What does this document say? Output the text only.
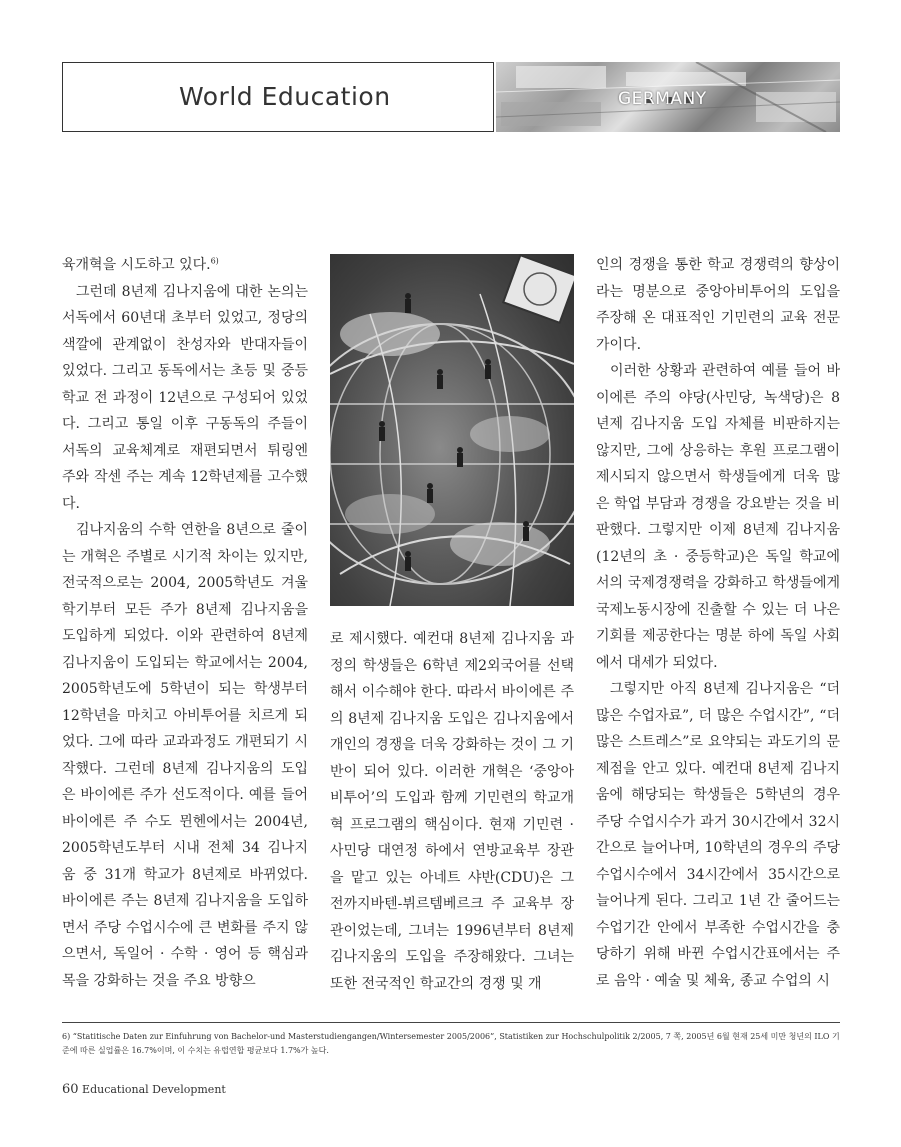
World Education	GERMANY

육개혁을 시도하고 있다.$^{6)}$

그런데 8년제 김나지움에 대한 논의는 서독에서 60년대 초부터 있었고, 정당의 색깔에 관계없이 찬성자와 반대자들이 있었다. 그리고 동독에서는 초등 및 중등학교 전 과정이 12년으로 구성되어 있었다. 그리고 통일 이후 구동독의 주들이 서독의 교육체계로 재편되면서 튀링엔 주와 작센 주는 계속 12학년제를 고수했다.

김나지움의 수학 연한을 8년으로 줄이는 개혁은 주별로 시기적 차이는 있지만, 전국적으로는 2004, 2005학년도 겨울학기부터 모든 주가 8년제 김나지움을 도입하게 되었다. 이와 관련하여 8년제 김나지움이 도입되는 학교에서는 2004, 2005학년도에 5학년이 되는 학생부터 12학년을 마치고 아비투어를 치르게 되었다. 그에 따라 교과과정도 개편되기 시작했다. 그런데 8년제 김나지움의 도입은 바이에른 주가 선도적이다. 예를 들어 바이에른 주 수도 뮌헨에서는 2004년, 2005학년도부터 시내 전체 34 김나지움 중 31개 학교가 8년제로 바뀌었다. 바이에른 주는 8년제 김나지움을 도입하면서 주당 수업시수에 큰 변화를 주지 않으면서, 독일어 · 수학 · 영어 등 핵심과목을 강화하는 것을 주요 방향으

로 제시했다. 예컨대 8년제 김나지움 과정의 학생들은 6학년 제2외국어를 선택해서 이수해야 한다. 따라서 바이에른 주의 8년제 김나지움 도입은 김나지움에서 개인의 경쟁을 더욱 강화하는 것이 그 기반이 되어 있다. 이러한 개혁은 ‘중앙아비투어’의 도입과 함께 기민련의 학교개혁 프로그램의 핵심이다. 현재 기민련 · 사민당 대연정 하에서 연방교육부 장관을 맡고 있는 아네트 샤반(CDU)은 그 전까지바텐-뷔르템베르크 주 교육부 장관이었는데, 그녀는 1996년부터 8년제 김나지움의 도입을 주장해왔다. 그녀는 또한 전국적인 학교간의 경쟁 및 개

인의 경쟁을 통한 학교 경쟁력의 향상이라는 명분으로 중앙아비투어의 도입을 주장해 온 대표적인 기민련의 교육 전문가이다.

이러한 상황과 관련하여 예를 들어 바이에른 주의 야당(사민당, 녹색당)은 8년제 김나지움 도입 자체를 비판하지는 않지만, 그에 상응하는 후원 프로그램이 제시되지 않으면서 학생들에게 더욱 많은 학업 부담과 경쟁을 강요받는 것을 비판했다. 그렇지만 이제 8년제 김나지움(12년의 초 · 중등학교)은 독일 학교에서의 국제경쟁력을 강화하고 학생들에게 국제노동시장에 진출할 수 있는 더 나은 기회를 제공한다는 명분 하에 독일 사회에서 대세가 되었다.

그렇지만 아직 8년제 김나지움은 “더 많은 수업자료”, 더 많은 수업시간”, “더 많은 스트레스”로 요약되는 과도기의 문제점을 안고 있다. 예컨대 8년제 김나지움에 해당되는 학생들은 5학년의 경우 주당 수업시수가 과거 30시간에서 32시간으로 늘어나며, 10학년의 경우의 주당 수업시수에서 34시간에서 35시간으로 늘어나게 된다. 그리고 1년 간 줄어드는 수업기간 안에서 부족한 수업시간을 충당하기 위해 바뀐 수업시간표에서는 주로 음악 · 예술 및 체육, 종교 수업의 시

6) “Statitische Daten zur Einfuhrung von Bachelor-und Masterstudiengangen/Wintersemester 2005/2006”, Statistiken zur Hochschulpolitik 2/2005, 7 쪽, 2005년 6월 현재 25세 미만 청년의 ILO 기준에 따른 실업률은 16.7%이며, 이 수치는 유럽연합 평균보다 1.7%가 높다.
60 Educational Development
